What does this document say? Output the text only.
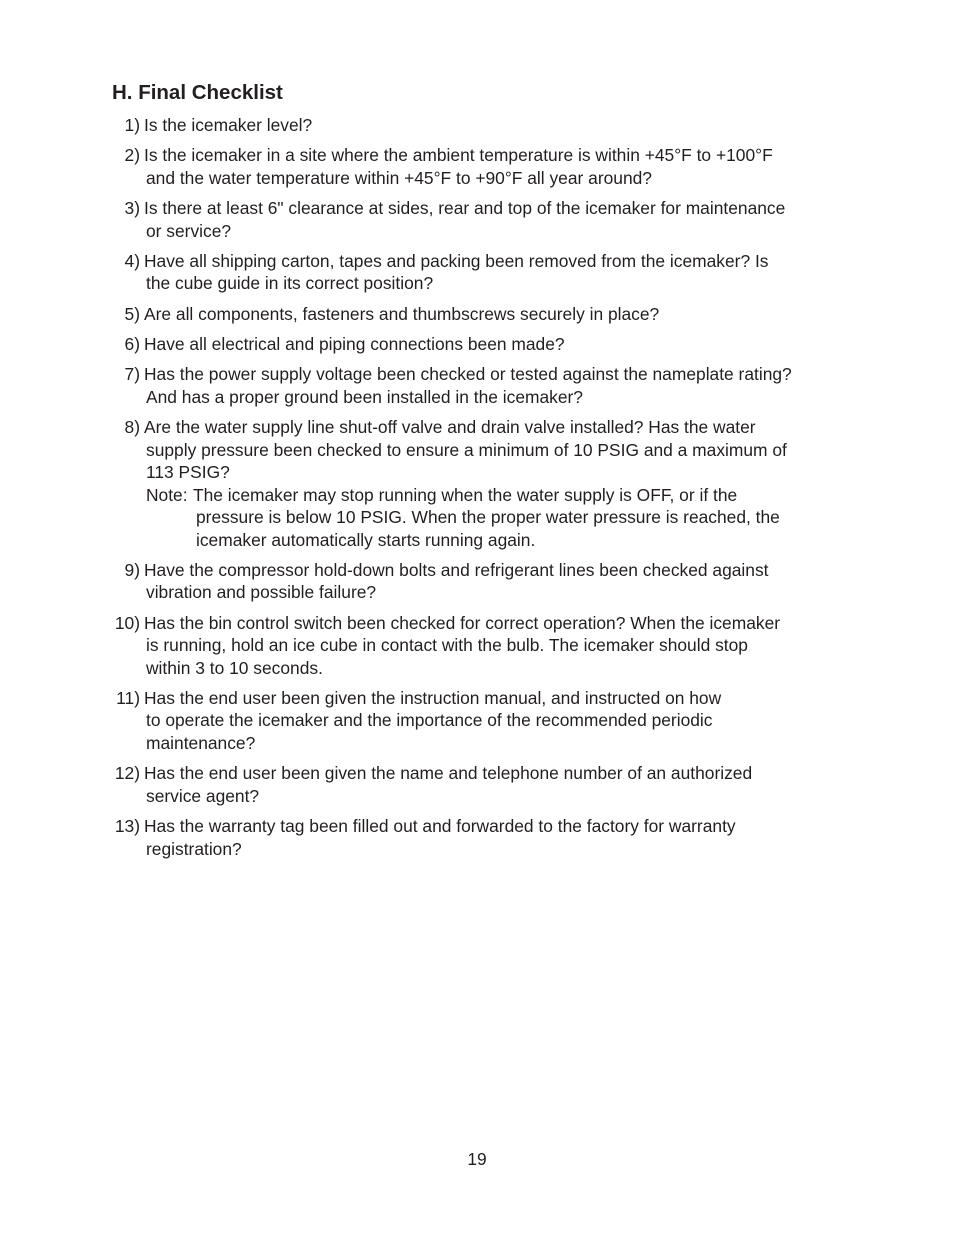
H. Final Checklist
1) Is the icemaker level?
2) Is the icemaker in a site where the ambient temperature is within +45°F to +100°F
and the water temperature within +45°F to +90°F all year around?
3) Is there at least 6" clearance at sides, rear and top of the icemaker for maintenance
or service?
4) Have all shipping carton, tapes and packing been removed from the icemaker? Is
the cube guide in its correct position?
5) Are all components, fasteners and thumbscrews securely in place?
6) Have all electrical and piping connections been made?
7) Has the power supply voltage been checked or tested against the nameplate rating?
And has a proper ground been installed in the icemaker?
8) Are the water supply line shut-off valve and drain valve installed? Has the water
supply pressure been checked to ensure a minimum of 10 PSIG and a maximum of
113 PSIG?
Note: The icemaker may stop running when the water supply is OFF, or if the
pressure is below 10 PSIG. When the proper water pressure is reached, the
icemaker automatically starts running again.
9) Have the compressor hold-down bolts and refrigerant lines been checked against
vibration and possible failure?
10) Has the bin control switch been checked for correct operation? When the icemaker
is running, hold an ice cube in contact with the bulb. The icemaker should stop
within 3 to 10 seconds.
11) Has the end user been given the instruction manual, and instructed on how
to operate the icemaker and the importance of the recommended periodic
maintenance?
12) Has the end user been given the name and telephone number of an authorized
service agent?
13) Has the warranty tag been filled out and forwarded to the factory for warranty
registration?
19
